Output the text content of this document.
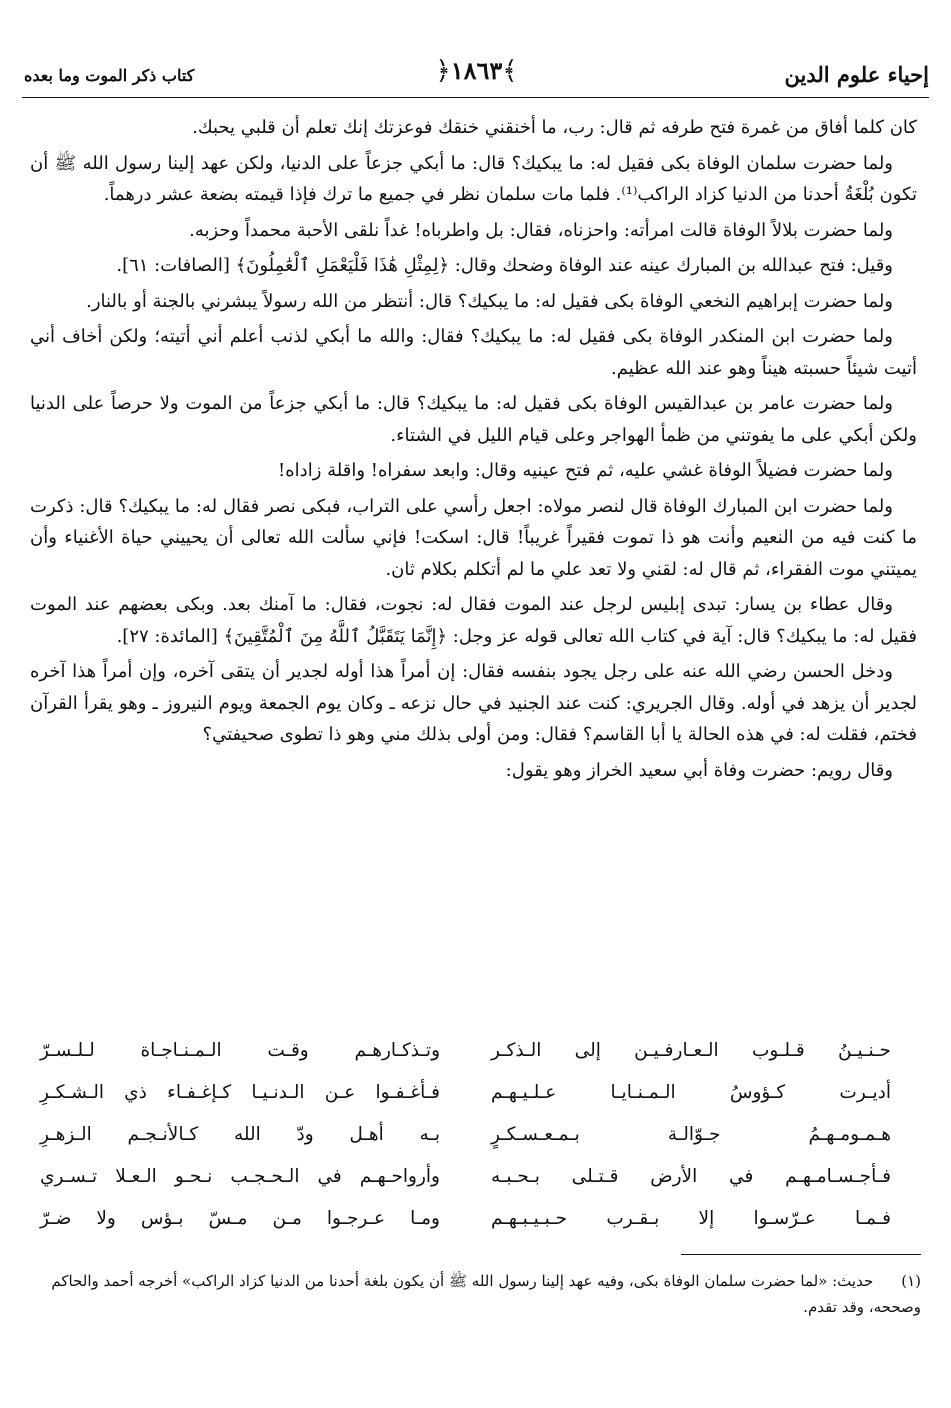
إحياء علوم الدين
﴿١٨٦٣﴾
كتاب ذكر الموت وما بعده

كان كلما أفاق من غمرة فتح طرفه ثم قال: رب، ما أخنقني خنقك فوعزتك إنك تعلم أن قلبي يحبك.

ولما حضرت سلمان الوفاة بكى فقيل له: ما يبكيك؟ قال: ما أبكي جزعاً على الدنيا، ولكن عهد إلينا رسول الله ﷺ أن تكون بُلْغَةُ أحدنا من الدنيا كزاد الراكب⁽¹⁾. فلما مات سلمان نظر في جميع ما ترك فإذا قيمته بضعة عشر درهماً.

ولما حضرت بلالاً الوفاة قالت امرأته: واحزناه، فقال: بل واطرباه! غداً نلقى الأحبة محمداً وحزبه.

وقيل: فتح عبدالله بن المبارك عينه عند الوفاة وضحك وقال: ﴿لِمِثْلِ هَٰذَا فَلْيَعْمَلِ ٱلْعَٰمِلُونَ﴾ [الصافات: ٦١].

ولما حضرت إبراهيم النخعي الوفاة بكى فقيل له: ما يبكيك؟ قال: أنتظر من الله رسولاً يبشرني بالجنة أو بالنار.

ولما حضرت ابن المنكدر الوفاة بكى فقيل له: ما يبكيك؟ فقال: والله ما أبكي لذنب أعلم أني أتيته؛ ولكن أخاف أني أتيت شيئاً حسبته هيناً وهو عند الله عظيم.

ولما حضرت عامر بن عبدالقيس الوفاة بكى فقيل له: ما يبكيك؟ قال: ما أبكي جزعاً من الموت ولا حرصاً على الدنيا ولكن أبكي على ما يفوتني من ظمأ الهواجر وعلى قيام الليل في الشتاء.

ولما حضرت فضيلاً الوفاة غشي عليه، ثم فتح عينيه وقال: وابعد سفراه! واقلة زاداه!

ولما حضرت ابن المبارك الوفاة قال لنصر مولاه: اجعل رأسي على التراب، فبكى نصر فقال له: ما يبكيك؟ قال: ذكرت ما كنت فيه من النعيم وأنت هو ذا تموت فقيراً غريباً! قال: اسكت! فإني سألت الله تعالى أن يحييني حياة الأغنياء وأن يميتني موت الفقراء، ثم قال له: لقني ولا تعد علي ما لم أتكلم بكلام ثان.

وقال عطاء بن يسار: تبدى إبليس لرجل عند الموت فقال له: نجوت، فقال: ما آمنك بعد. وبكى بعضهم عند الموت فقيل له: ما يبكيك؟ قال: آية في كتاب الله تعالى قوله عز وجل: ﴿إِنَّمَا يَتَقَبَّلُ ٱللَّهُ مِنَ ٱلْمُتَّقِينَ﴾ [المائدة: ٢٧].

ودخل الحسن رضي الله عنه على رجل يجود بنفسه فقال: إن أمراً هذا أوله لجدير أن يتقى آخره، وإن أمراً هذا آخره لجدير أن يزهد في أوله. وقال الجريري: كنت عند الجنيد في حال نزعه ـ وكان يوم الجمعة ويوم النيروز ـ وهو يقرأ القرآن فختم، فقلت له: في هذه الحالة يا أبا القاسم؟ فقال: ومن أولى بذلك مني وهو ذا تطوى صحيفتي؟

وقال رويم: حضرت وفاة أبي سعيد الخراز وهو يقول:

حـنـيـنُ قـلـوب الـعـارفـيـن إلى الـذكـر
وتـذكـارهـم وقـت الـمـنـاجـاة لـلـسـرّ
أديـرت كـؤوسُ الـمـنـايـا عـلـيـهـم
فـأغـفـوا عـن الـدنـيـا كـإغـفـاء ذي الـشـكـرِ
هـمـومـهـمُ جـوّالـة بـمـعـسـكـرٍ
بـه أهـل ودّ الله كـالأنـجـم الـزهـرِ
فـأجـسـامـهـم في الأرض قـتـلى بـحـبـه
وأرواحـهـم في الـحـجـب نـحـو الـعـلا تـسـري
فـمـا عـرّسـوا إلا بـقـرب حـبـيـبـهـم
ومـا عـرجـوا مـن مـسّ بـؤس ولا ضـرّ
(١)
حديث: «لما حضرت سلمان الوفاة بكى، وفيه عهد إلينا رسول الله ﷺ أن يكون بلغة أحدنا من الدنيا كزاد الراكب» أخرجه أحمد والحاكم وصححه، وقد تقدم.
